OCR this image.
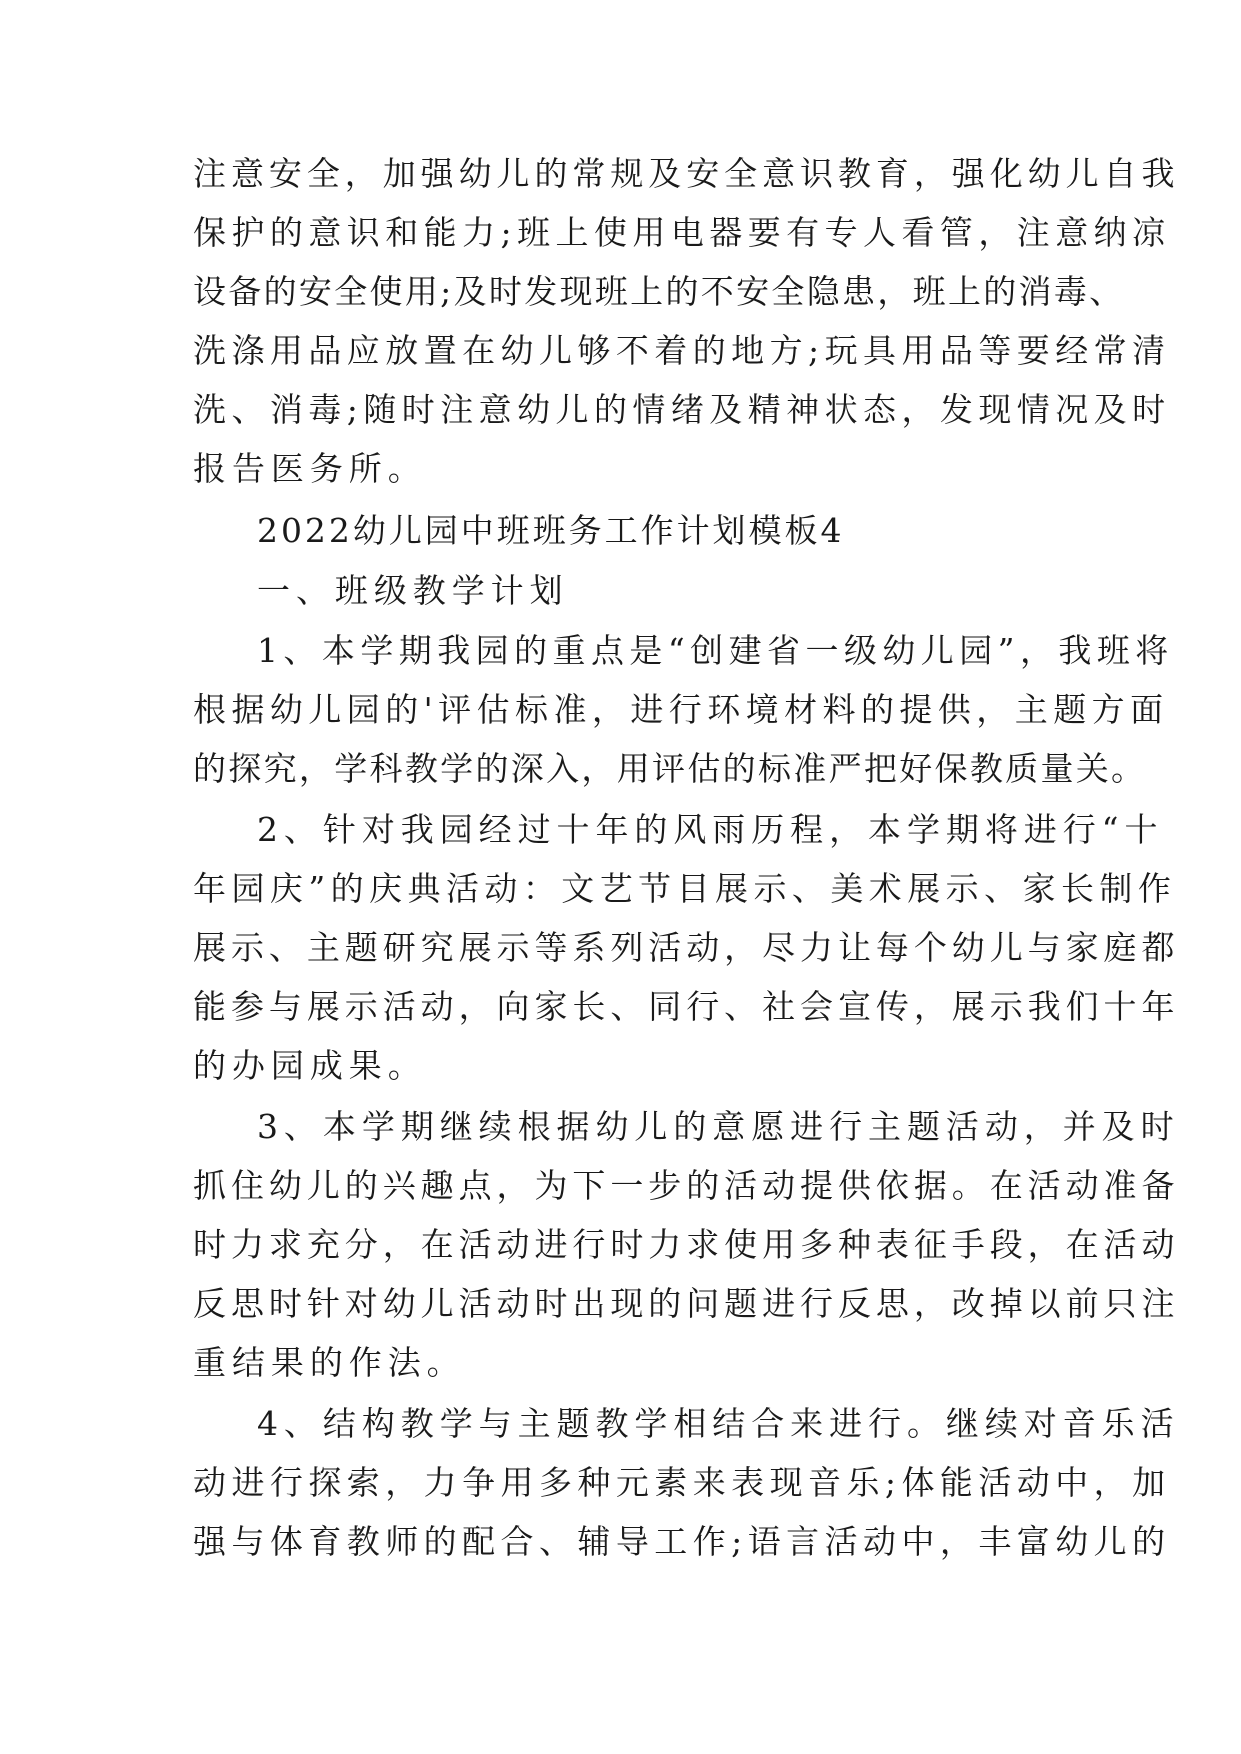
注意安全，加强幼儿的常规及安全意识教育，强化幼儿自我

保护的意识和能力;班上使用电器要有专人看管，注意纳凉

设备的安全使用;及时发现班上的不安全隐患，班上的消毒、

洗涤用品应放置在幼儿够不着的地方;玩具用品等要经常清

洗、消毒;随时注意幼儿的情绪及精神状态，发现情况及时

报告医务所。

2022幼儿园中班班务工作计划模板4

一、班级教学计划

1、本学期我园的重点是“创建省一级幼儿园”，我班将

根据幼儿园的'评估标准，进行环境材料的提供，主题方面

的探究，学科教学的深入，用评估的标准严把好保教质量关。

2、针对我园经过十年的风雨历程，本学期将进行“十

年园庆”的庆典活动：文艺节目展示、美术展示、家长制作

展示、主题研究展示等系列活动，尽力让每个幼儿与家庭都

能参与展示活动，向家长、同行、社会宣传，展示我们十年

的办园成果。

3、本学期继续根据幼儿的意愿进行主题活动，并及时

抓住幼儿的兴趣点，为下一步的活动提供依据。在活动准备

时力求充分，在活动进行时力求使用多种表征手段，在活动

反思时针对幼儿活动时出现的问题进行反思，改掉以前只注

重结果的作法。

4、结构教学与主题教学相结合来进行。继续对音乐活

动进行探索，力争用多种元素来表现音乐;体能活动中，加

强与体育教师的配合、辅导工作;语言活动中，丰富幼儿的
